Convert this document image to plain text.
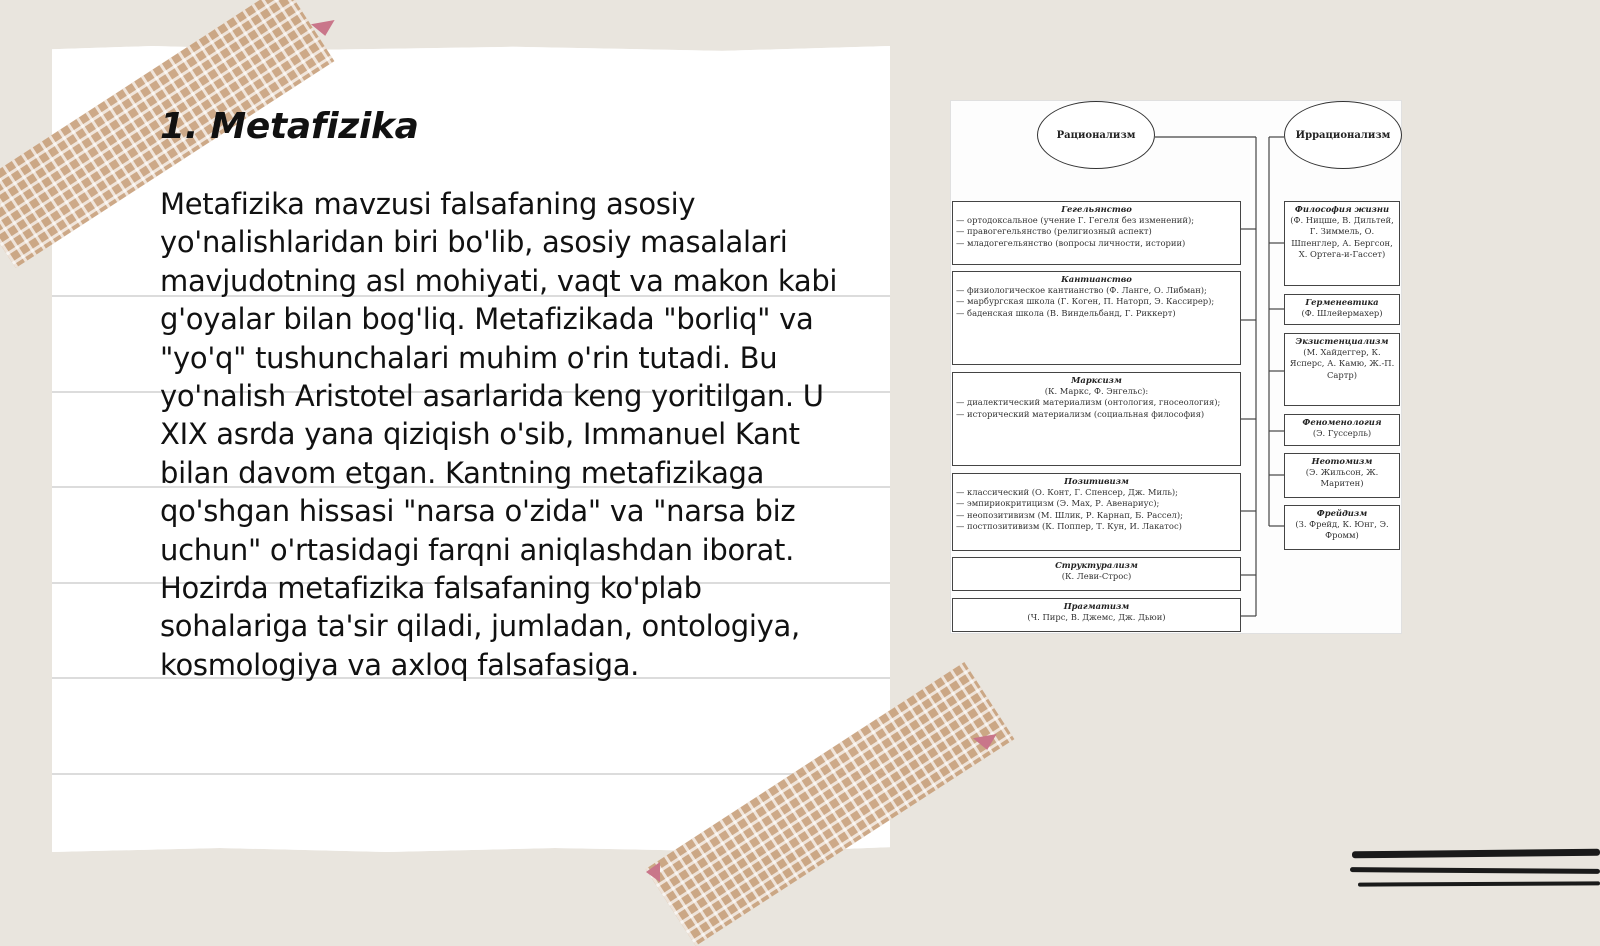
1. Metafizika

Metafizika mavzusi falsafaning asosiy yo'nalishlaridan biri bo'lib, asosiy masalalari mavjudotning asl mohiyati, vaqt va makon kabi g'oyalar bilan bog'liq. Metafizikada "borliq" va "yo'q" tushunchalari muhim o'rin tutadi. Bu yo'nalish Aristotel asarlarida keng yoritilgan. U XIX asrda yana qiziqish o'sib, Immanuel Kant bilan davom etgan. Kantning metafizikaga qo'shgan hissasi "narsa o'zida" va "narsa biz uchun" o'rtasidagi farqni aniqlashdan iborat. Hozirda metafizika falsafaning ko'plab sohalariga ta'sir qiladi, jumladan, ontologiya, kosmologiya va axloq falsafasiga.

Рационализм	Иррационализм
Гегельянство
— ортодоксальное (учение Г. Гегеля без изменений);
— правогегельянство (религиозный аспект)
— младогегельянство (вопросы личности, истории)
Кантианство
— физиологическое кантианство (Ф. Ланге, О. Либман);
— марбургская школа (Г. Коген, П. Наторп, Э. Кассирер);
— баденская школа (В. Виндельбанд, Г. Риккерт)
Марксизм
(К. Маркс, Ф. Энгельс):
— диалектический материализм (онтология, гносеология);
— исторический материализм (социальная философия)
Позитивизм
— классический (О. Конт, Г. Спенсер, Дж. Миль);
— эмпириокритицизм (Э. Мах, Р. Авенариус);
— неопозитивизм (М. Шлик, Р. Карнап, Б. Рассел);
— постпозитивизм (К. Поппер, Т. Кун, И. Лакатос)
Структурализм
(К. Леви-Строс)
Прагматизм
(Ч. Пирс, В. Джемс, Дж. Дьюи)
Философия жизни
(Ф. Ницше, В. Дильтей, Г. Зиммель, О. Шпенглер, А. Бергсон, Х. Ортега-и-Гассет)
Герменевтика
(Ф. Шлейермахер)
Экзистенциализм
(М. Хайдеггер, К. Ясперс, А. Камю, Ж.-П. Сартр)
Феноменология
(Э. Гуссерль)
Неотомизм
(Э. Жильсон, Ж. Маритен)
Фрейдизм
(З. Фрейд, К. Юнг, Э. Фромм)
